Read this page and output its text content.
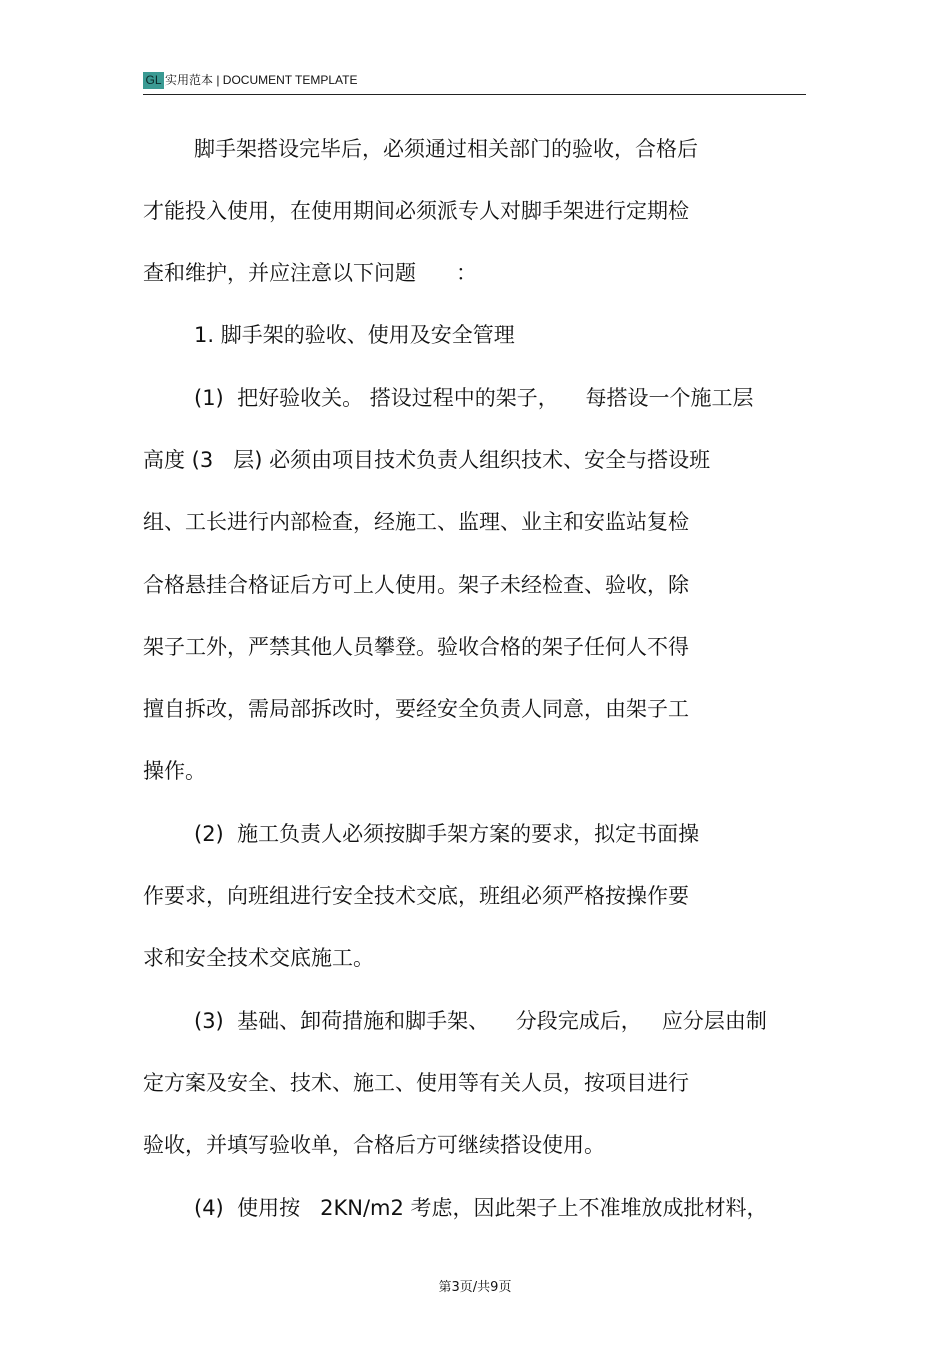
GL 实用范本 | DOCUMENT TEMPLATE
脚手架搭设完毕后，必须通过相关部门的验收，合格后
才能投入使用，在使用期间必须派专人对脚手架进行定期检
查和维护，并应注意以下问题      ：
1. 脚手架的验收、使用及安全管理
(1)  把好验收关。 搭设过程中的架子，    每搭设一个施工层
高度 (3   层) 必须由项目技术负责人组织技术、安全与搭设班
组、工长进行内部检查，经施工、监理、业主和安监站复检
合格悬挂合格证后方可上人使用。架子未经检查、验收，除
架子工外，严禁其他人员攀登。验收合格的架子任何人不得
擅自拆改，需局部拆改时，要经安全负责人同意，由架子工
操作。
(2)  施工负责人必须按脚手架方案的要求，拟定书面操
作要求，向班组进行安全技术交底，班组必须严格按操作要
求和安全技术交底施工。
(3)  基础、卸荷措施和脚手架、    分段完成后，   应分层由制
定方案及安全、技术、施工、使用等有关人员，按项目进行
验收，并填写验收单，合格后方可继续搭设使用。
(4)  使用按   2KN/m2 考虑，因此架子上不准堆放成批材料，
第3页/共9页
